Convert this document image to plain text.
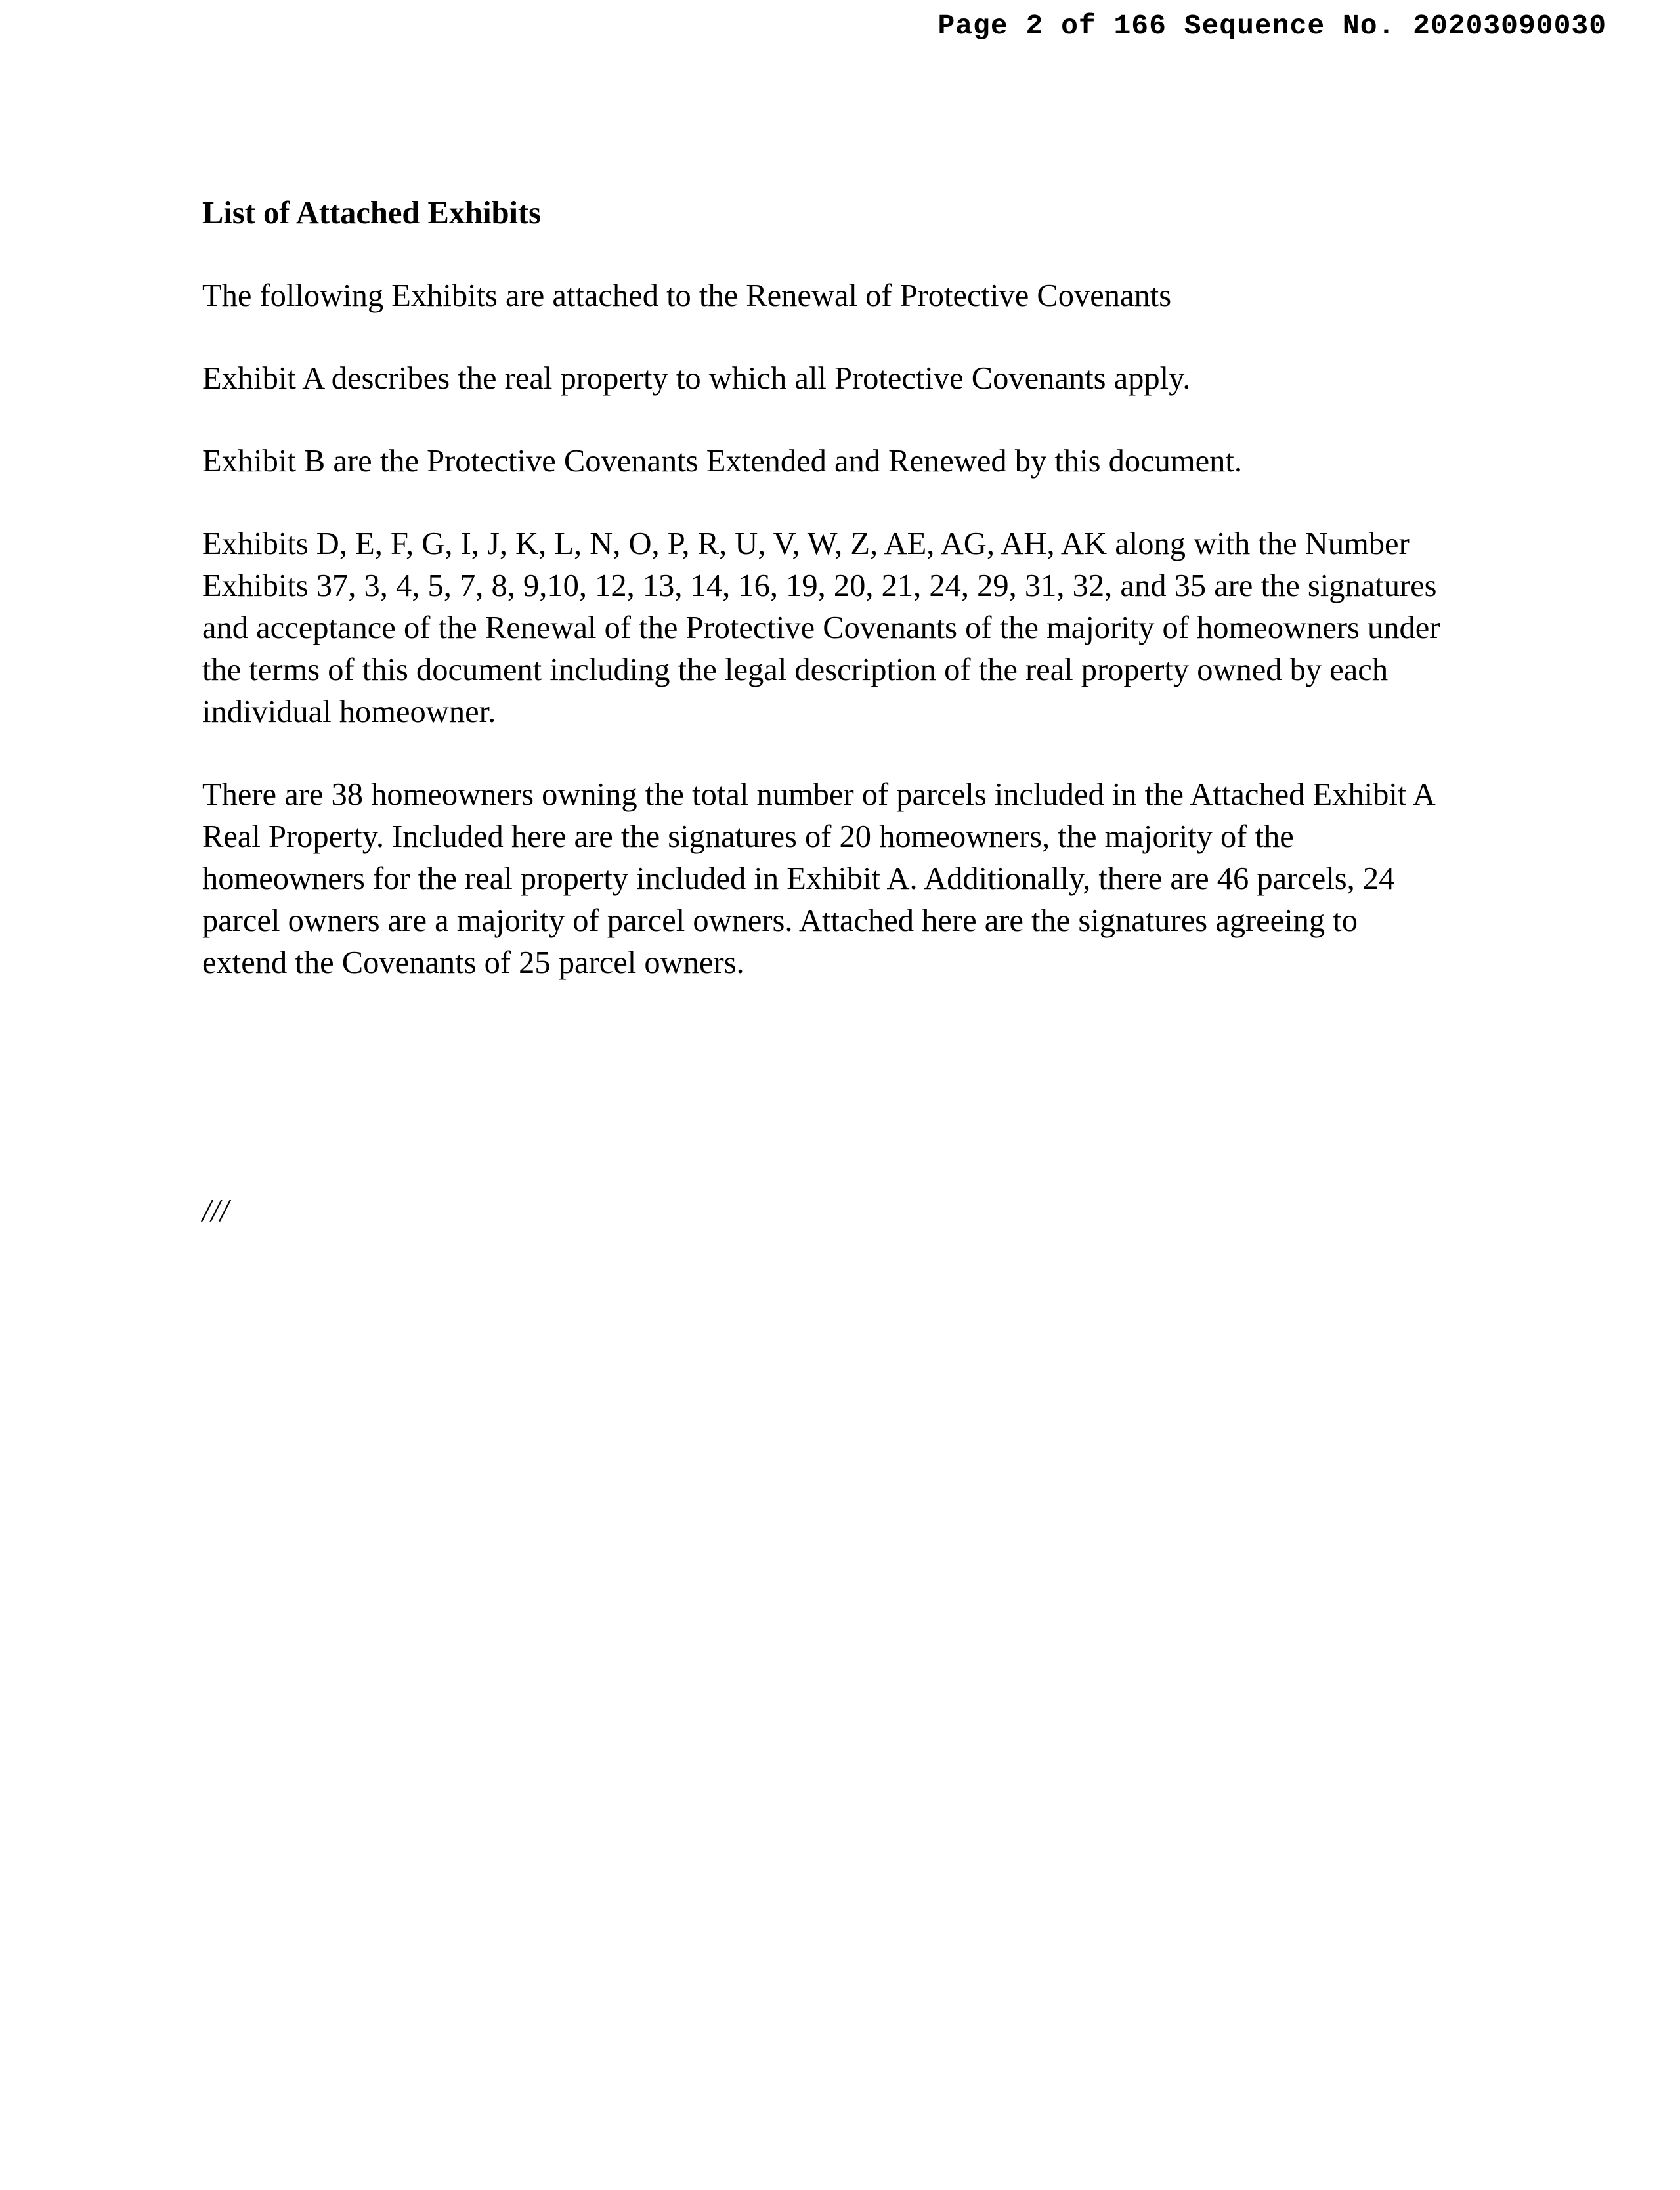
Page 2 of 166 Sequence No. 20203090030
List of Attached Exhibits
The following Exhibits are attached to the Renewal of Protective Covenants
Exhibit A describes the real property to which all Protective Covenants apply.
Exhibit B are the Protective Covenants Extended and Renewed by this document.
Exhibits D, E, F, G, I, J, K, L, N, O, P, R, U, V, W, Z, AE, AG, AH, AK along with the Number
Exhibits 37, 3, 4, 5, 7, 8, 9,10, 12, 13, 14, 16, 19, 20, 21, 24, 29, 31, 32, and 35 are the signatures
and acceptance of the Renewal of the Protective Covenants of the majority of homeowners under
the terms of this document including the legal description of the real property owned by each
individual homeowner.
There are 38 homeowners owning the total number of parcels included in the Attached Exhibit A
Real Property. Included here are the signatures of 20 homeowners, the majority of the
homeowners for the real property included in Exhibit A. Additionally, there are 46 parcels, 24
parcel owners are a majority of parcel owners. Attached here are the signatures agreeing to
extend the Covenants of 25 parcel owners.
///
